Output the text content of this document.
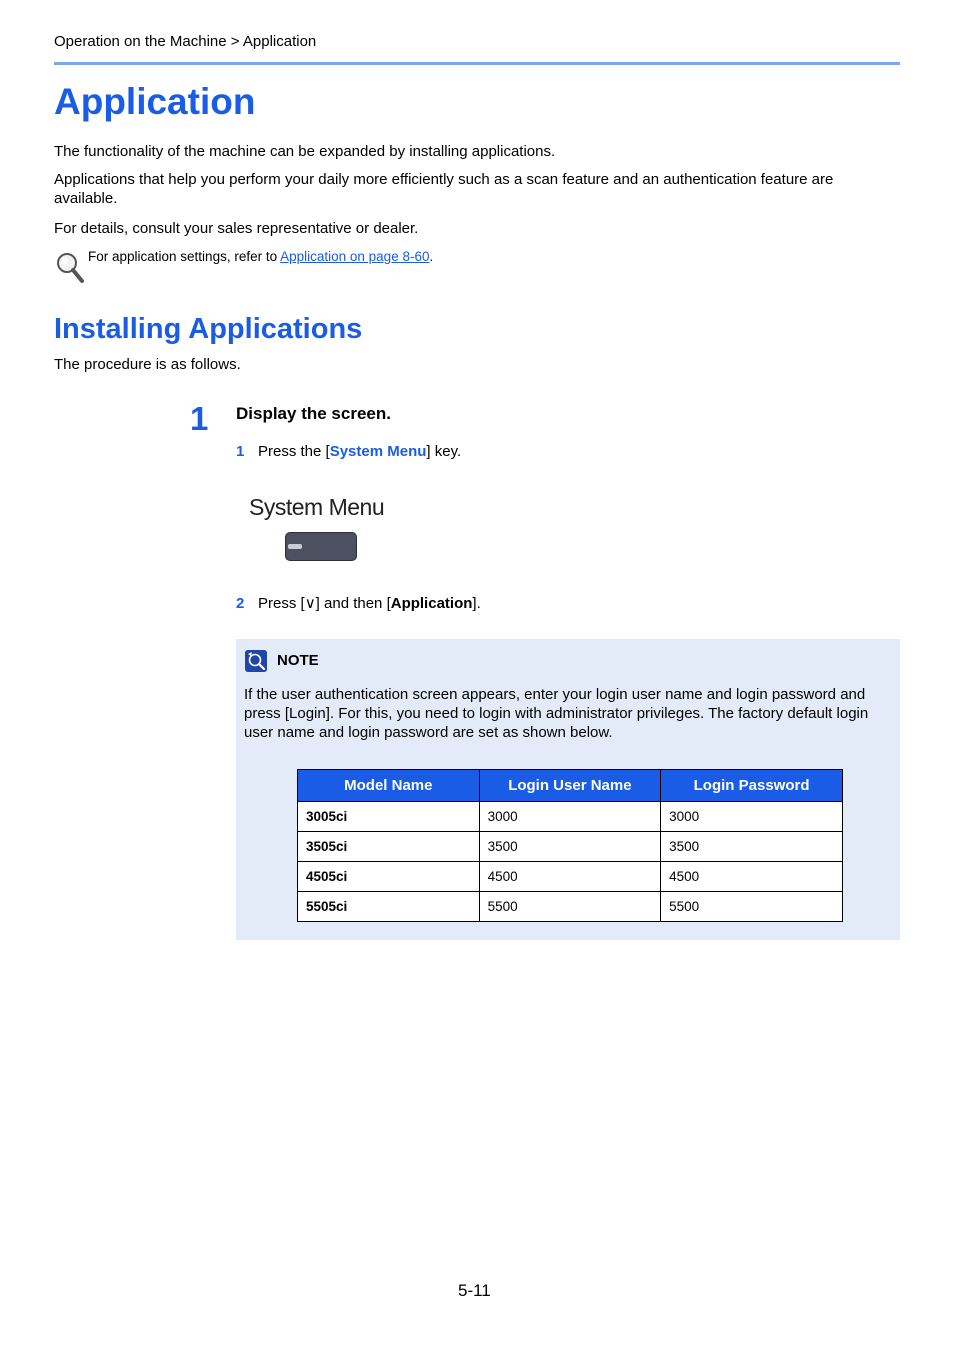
Operation on the Machine > Application
Application

The functionality of the machine can be expanded by installing applications.

Applications that help you perform your daily more efficiently such as a scan feature and an authentication feature are available.

For details, consult your sales representative or dealer.

For application settings, refer to Application on page 8-60.
Installing Applications
The procedure is as follows.
1 Display the screen.
1 Press the [System Menu] key.
System Menu
2 Press [∨] and then [Application].
NOTE

If the user authentication screen appears, enter your login user name and login password and press [Login]. For this, you need to login with administrator privileges. The factory default login user name and login password are set as shown below.

Model Name	Login User Name	Login Password
3005ci	3000	3000
3505ci	3500	3500
4505ci	4500	4500
5505ci	5500	5500
5-11
